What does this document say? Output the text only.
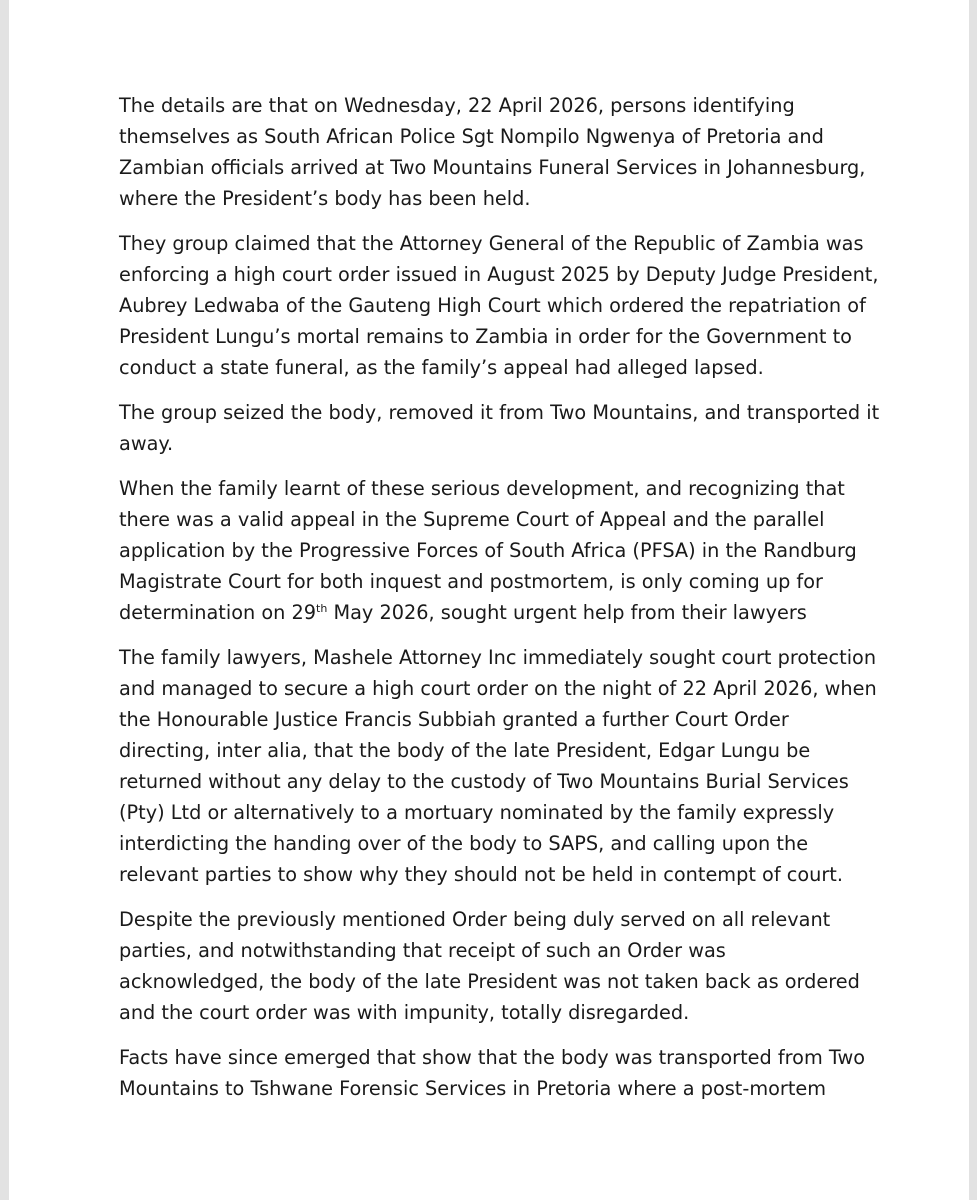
The details are that on Wednesday, 22 April 2026, persons identifying
themselves as South African Police Sgt Nompilo Ngwenya of Pretoria and
Zambian officials arrived at Two Mountains Funeral Services in Johannesburg,
where the President’s body has been held.

They group claimed that the Attorney General of the Republic of Zambia was
enforcing a high court order issued in August 2025 by Deputy Judge President,
Aubrey Ledwaba of the Gauteng High Court which ordered the repatriation of
President Lungu’s mortal remains to Zambia in order for the Government to
conduct a state funeral, as the family’s appeal had alleged lapsed.

The group seized the body, removed it from Two Mountains, and transported it
away.

When the family learnt of these serious development, and recognizing that
there was a valid appeal in the Supreme Court of Appeal and the parallel
application by the Progressive Forces of South Africa (PFSA) in the Randburg
Magistrate Court for both inquest and postmortem, is only coming up for
determination on 29th May 2026, sought urgent help from their lawyers

The family lawyers, Mashele Attorney Inc immediately sought court protection
and managed to secure a high court order on the night of 22 April 2026, when
the Honourable Justice Francis Subbiah granted a further Court Order
directing, inter alia, that the body of the late President, Edgar Lungu be
returned without any delay to the custody of Two Mountains Burial Services
(Pty) Ltd or alternatively to a mortuary nominated by the family expressly
interdicting the handing over of the body to SAPS, and calling upon the
relevant parties to show why they should not be held in contempt of court.

Despite the previously mentioned Order being duly served on all relevant
parties, and notwithstanding that receipt of such an Order was
acknowledged, the body of the late President was not taken back as ordered
and the court order was with impunity, totally disregarded.

Facts have since emerged that show that the body was transported from Two
Mountains to Tshwane Forensic Services in Pretoria where a post-mortem
